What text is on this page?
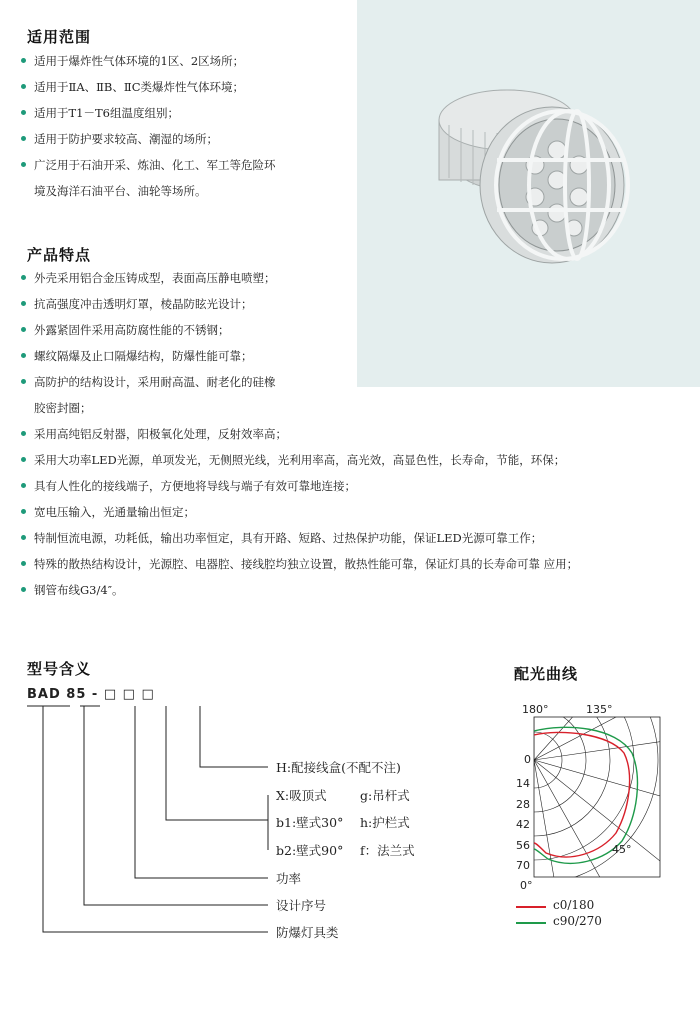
适用范围
适用于爆炸性气体环境的1区、2区场所；
适用于ⅡA、ⅡB、ⅡC类爆炸性气体环境；
适用于T1－T6组温度组别；
适用于防护要求较高、潮湿的场所；
广泛用于石油开采、炼油、化工、军工等危险环
境及海洋石油平台、油轮等场所。
产品特点
外壳采用铝合金压铸成型，表面高压静电喷塑；
抗高强度冲击透明灯罩，棱晶防眩光设计；
外露紧固件采用高防腐性能的不锈钢；
螺纹隔爆及止口隔爆结构，防爆性能可靠；
高防护的结构设计，采用耐高温、耐老化的硅橡
胶密封圈；
采用高纯铝反射器，阳极氧化处理，反射效率高；
采用大功率LED光源，单项发光，无侧照光线，光利用率高，高光效，高显色性，长寿命，节能，环保；
具有人性化的接线端子，方便地将导线与端子有效可靠地连接；
宽电压输入，光通量输出恒定；
特制恒流电源，功耗低，输出功率恒定，具有开路、短路、过热保护功能，保证LED光源可靠工作；
特殊的散热结构设计，光源腔、电器腔、接线腔均独立设置，散热性能可靠，保证灯具的长寿命可靠 应用；
钢管布线G3/4″。
型号含义
BAD 85 - □ □ □
H:配接线盒(不配不注)
X:吸顶式	g:吊杆式
b1:壁式30° h:护栏式
b2:壁式90° f：法兰式
功率
设计序号
防爆灯具类
配光曲线
180°	135°
45°
0°
0
14
28
42
56
70
c0/180
c90/270
